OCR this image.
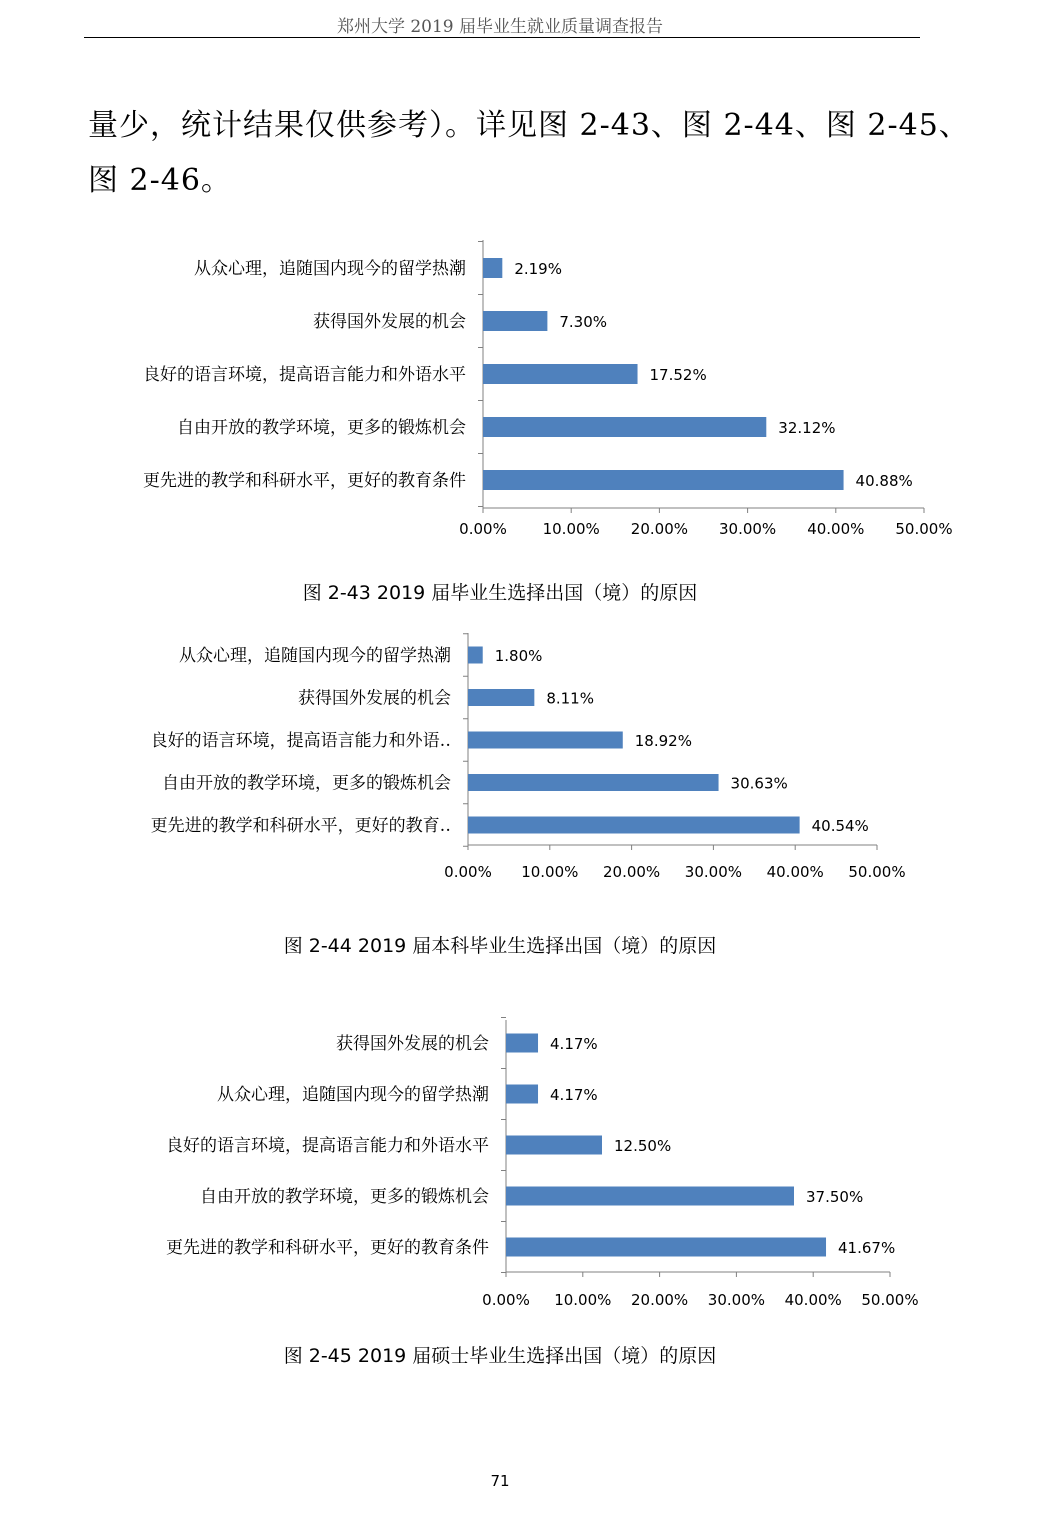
郑州大学 2019 届毕业生就业质量调查报告
量少，统计结果仅供参考）。详见图 2-43、图 2-44、图 2-45、
图 2-46。
0.00% 10.00% 20.00% 30.00% 40.00% 50.00%
2.19%
从众心理，追随国内现今的留学热潮
7.30%
获得国外发展的机会
17.52%
良好的语言环境，提高语言能力和外语水平
32.12%
自由开放的教学环境，更多的锻炼机会
40.88%
更先进的教学和科研水平，更好的教育条件
图 2-43 2019 届毕业生选择出国（境）的原因
0.00% 10.00% 20.00% 30.00% 40.00% 50.00%
1.80%
从众心理，追随国内现今的留学热潮
8.11%
获得国外发展的机会
18.92%
良好的语言环境，提高语言能力和外语‥
30.63%
自由开放的教学环境，更多的锻炼机会
40.54%
更先进的教学和科研水平，更好的教育‥
图 2-44 2019 届本科毕业生选择出国（境）的原因
0.00% 10.00% 20.00% 30.00% 40.00% 50.00%
4.17%
获得国外发展的机会
4.17%
从众心理，追随国内现今的留学热潮
12.50%
良好的语言环境，提高语言能力和外语水平
37.50%
自由开放的教学环境，更多的锻炼机会
41.67%
更先进的教学和科研水平，更好的教育条件
图 2-45 2019 届硕士毕业生选择出国（境）的原因
71
